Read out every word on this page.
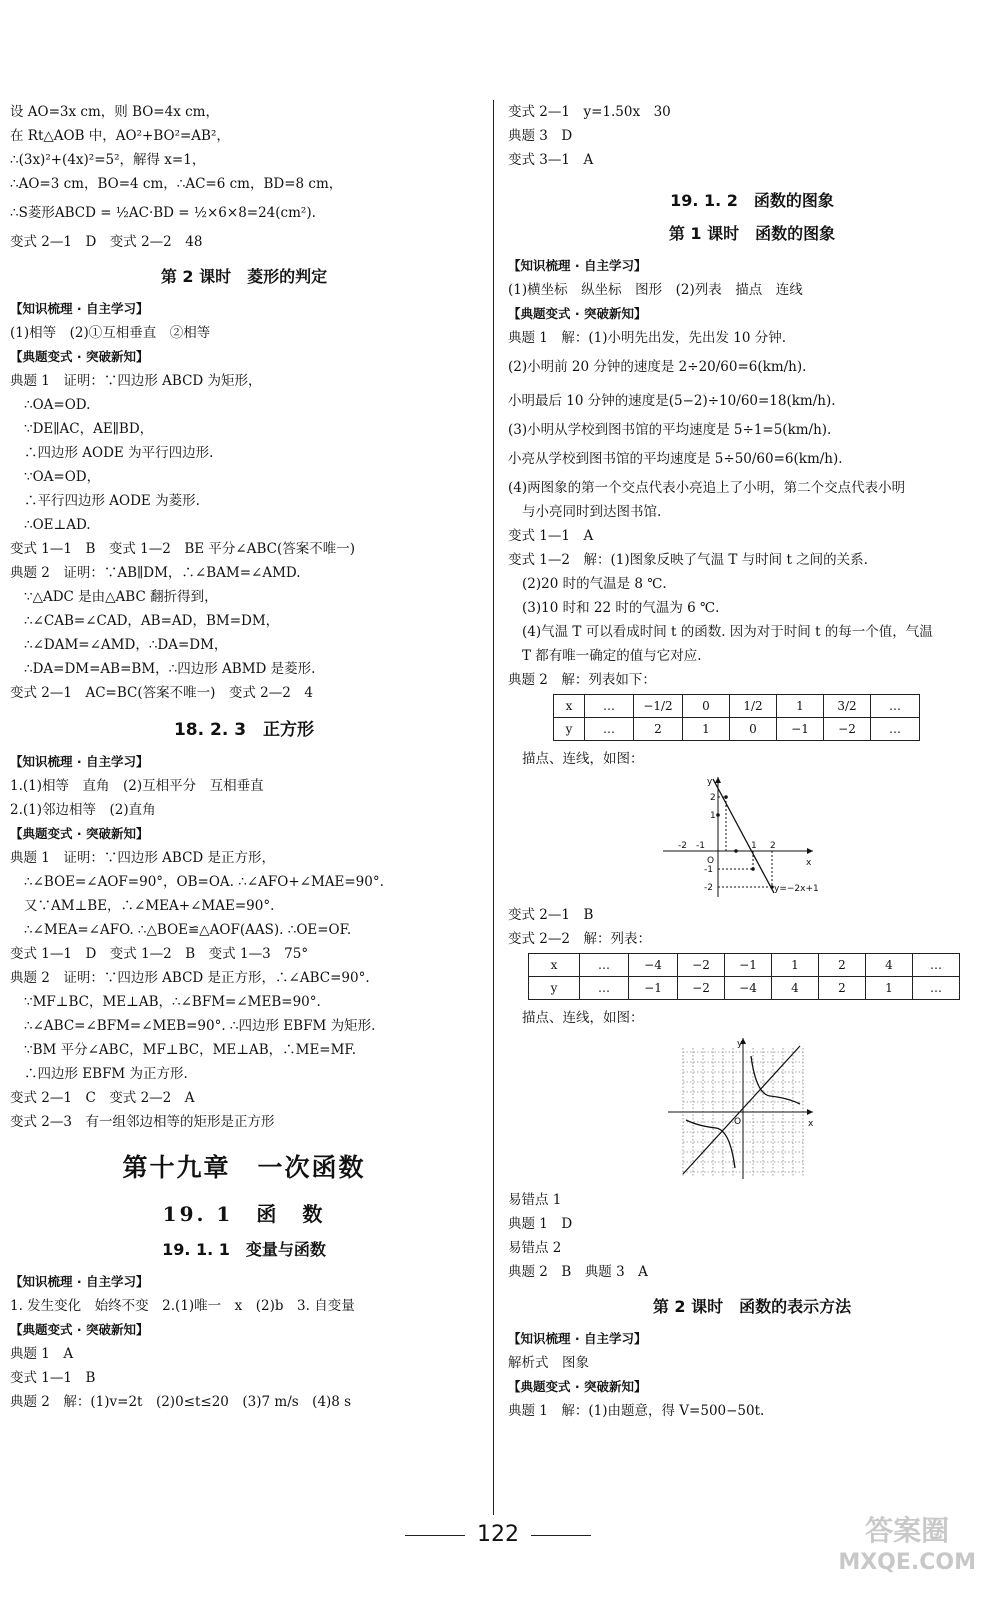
设 AO=3x cm，则 BO=4x cm，
在 Rt△AOB 中，AO²+BO²=AB²，
∴(3x)²+(4x)²=5²，解得 x=1，
∴AO=3 cm，BO=4 cm，∴AC=6 cm，BD=8 cm，
∴S菱形ABCD = ½AC·BD = ½×6×8=24(cm²).
变式 2—1　D　变式 2—2　48
第 2 课时　菱形的判定
【知识梳理 · 自主学习】
(1)相等　(2)①互相垂直　②相等
【典题变式 · 突破新知】
典题 1　证明：∵四边形 ABCD 为矩形，
∴OA=OD.
∵DE∥AC，AE∥BD，
∴四边形 AODE 为平行四边形.
∵OA=OD，
∴平行四边形 AODE 为菱形.
∴OE⊥AD.
变式 1—1　B　变式 1—2　BE 平分∠ABC(答案不唯一)
典题 2　证明：∵AB∥DM，∴∠BAM=∠AMD.
∵△ADC 是由△ABC 翻折得到，
∴∠CAB=∠CAD，AB=AD，BM=DM，
∴∠DAM=∠AMD，∴DA=DM，
∴DA=DM=AB=BM，∴四边形 ABMD 是菱形.
变式 2—1　AC=BC(答案不唯一)　变式 2—2　4
18. 2. 3　正方形
【知识梳理 · 自主学习】
1.(1)相等　直角　(2)互相平分　互相垂直
2.(1)邻边相等　(2)直角
【典题变式 · 突破新知】
典题 1　证明：∵四边形 ABCD 是正方形，
∴∠BOE=∠AOF=90°，OB=OA. ∴∠AFO+∠MAE=90°.
又∵AM⊥BE，∴∠MEA+∠MAE=90°.
∴∠MEA=∠AFO. ∴△BOE≌△AOF(AAS). ∴OE=OF.
变式 1—1　D　变式 1—2　B　变式 1—3　75°
典题 2　证明：∵四边形 ABCD 是正方形，∴∠ABC=90°.
∵MF⊥BC，ME⊥AB，∴∠BFM=∠MEB=90°.
∴∠ABC=∠BFM=∠MEB=90°. ∴四边形 EBFM 为矩形.
∵BM 平分∠ABC，MF⊥BC，ME⊥AB，∴ME=MF.
∴四边形 EBFM 为正方形.
变式 2—1　C　变式 2—2　A
变式 2—3　有一组邻边相等的矩形是正方形
第十九章　一次函数
19. 1　函　数
19. 1. 1　变量与函数
【知识梳理 · 自主学习】
1. 发生变化　始终不变　2.(1)唯一　x　(2)b　3. 自变量
【典题变式 · 突破新知】
典题 1　A
变式 1—1　B
典题 2　解：(1)v=2t　(2)0≤t≤20　(3)7 m/s　(4)8 s
变式 2—1　y=1.50x　30
典题 3　D
变式 3—1　A
19. 1. 2　函数的图象
第 1 课时　函数的图象
【知识梳理 · 自主学习】
(1)横坐标　纵坐标　图形　(2)列表　描点　连线
【典题变式 · 突破新知】
典题 1　解：(1)小明先出发，先出发 10 分钟.
(2)小明前 20 分钟的速度是 2÷20/60=6(km/h).
小明最后 10 分钟的速度是(5−2)÷10/60=18(km/h).
(3)小明从学校到图书馆的平均速度是 5÷1=5(km/h).
小亮从学校到图书馆的平均速度是 5÷50/60=6(km/h).
(4)两图象的第一个交点代表小亮追上了小明，第二个交点代表小明
与小亮同时到达图书馆.
变式 1—1　A
变式 1—2　解：(1)图象反映了气温 T 与时间 t 之间的关系.
(2)20 时的气温是 8 ℃.
(3)10 时和 22 时的气温为 6 ℃.
(4)气温 T 可以看成时间 t 的函数. 因为对于时间 t 的每一个值，气温
T 都有唯一确定的值与它对应.
典题 2　解：列表如下：
x	…	−1/2	0	1/2	1	3/2	…
y	…	2	1	0	−1	−2	…
描点、连线，如图：
y
x
O
2
1
-1
-2
-2 -1	1 2
y=−2x+1
变式 2—1　B
变式 2—2　解：列表：
x	…	−4	−2	−1	1	2	4	…
y	…	−1	−2	−4	4	2	1	…
描点、连线，如图：
y
x
O
易错点 1
典题 1　D
易错点 2
典题 2　B　典题 3　A
第 2 课时　函数的表示方法
【知识梳理 · 自主学习】
解析式　图象
【典题变式 · 突破新知】
典题 1　解：(1)由题意，得 V=500−50t.
122	答案圈
MXQE.COM
